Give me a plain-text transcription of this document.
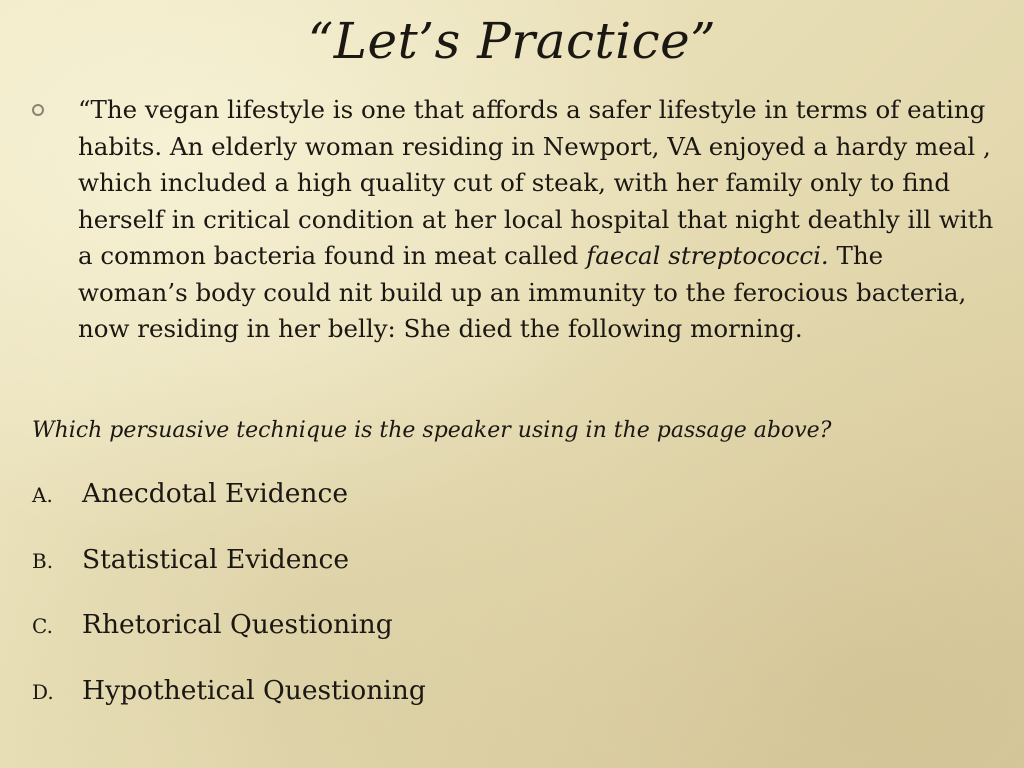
“Let’s Practice”

“The vegan lifestyle is one that affords a safer lifestyle in terms of eating habits. An elderly woman residing in Newport, VA enjoyed a hardy meal , which included a high quality cut of steak, with her family only to find herself in critical condition at her local hospital that night deathly ill with a common bacteria found in meat called faecal streptococci. The woman’s body could nit build up an immunity to the ferocious bacteria, now residing in her belly: She died the following morning.

Which persuasive technique is the speaker using in the passage above?

A.	Anecdotal Evidence
B.	Statistical Evidence
C.	Rhetorical Questioning
D.	Hypothetical Questioning
